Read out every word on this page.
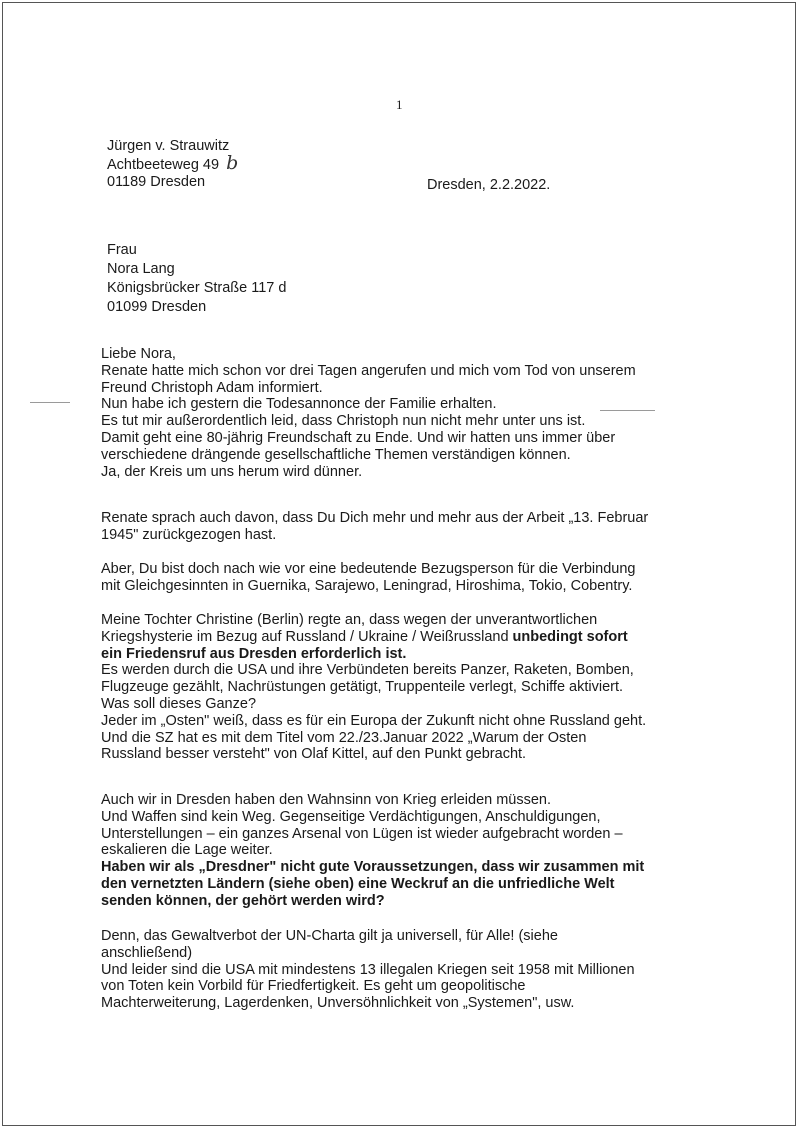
1
Jürgen v. Strauwitz
Achtbeeteweg 49 b
01189 Dresden	Dresden, 2.2.2022.
Frau
Nora Lang
Königsbrücker Straße 117 d
01099 Dresden
Liebe Nora,
Renate hatte mich schon vor drei Tagen angerufen und mich vom Tod von unserem
Freund Christoph Adam informiert.
Nun habe ich gestern die Todesannonce der Familie erhalten.
Es tut mir außerordentlich leid, dass Christoph nun nicht mehr unter uns ist.
Damit geht eine 80-jährig Freundschaft zu Ende. Und wir hatten uns immer über
verschiedene drängende gesellschaftliche Themen verständigen können.
Ja, der Kreis um uns herum wird dünner.
Renate sprach auch davon, dass Du Dich mehr und mehr aus der Arbeit „13. Februar
1945" zurückgezogen hast.
Aber, Du bist doch nach wie vor eine bedeutende Bezugsperson für die Verbindung
mit Gleichgesinnten in Guernika, Sarajewo, Leningrad, Hiroshima, Tokio, Cobentry.
Meine Tochter Christine (Berlin) regte an, dass wegen der unverantwortlichen
Kriegshysterie im Bezug auf Russland / Ukraine / Weißrussland unbedingt sofort
ein Friedensruf aus Dresden erforderlich ist.
Es werden durch die USA und ihre Verbündeten bereits Panzer, Raketen, Bomben,
Flugzeuge gezählt, Nachrüstungen getätigt, Truppenteile verlegt, Schiffe aktiviert.
Was soll dieses Ganze?
Jeder im „Osten" weiß, dass es für ein Europa der Zukunft nicht ohne Russland geht.
Und die SZ hat es mit dem Titel vom 22./23.Januar 2022 „Warum der Osten
Russland besser versteht" von Olaf Kittel, auf den Punkt gebracht.
Auch wir in Dresden haben den Wahnsinn von Krieg erleiden müssen.
Und Waffen sind kein Weg. Gegenseitige Verdächtigungen, Anschuldigungen,
Unterstellungen – ein ganzes Arsenal von Lügen ist wieder aufgebracht worden –
eskalieren die Lage weiter.
Haben wir als „Dresdner" nicht gute Voraussetzungen, dass wir zusammen mit
den vernetzten Ländern (siehe oben) eine Weckruf an die unfriedliche Welt
senden können, der gehört werden wird?
Denn, das Gewaltverbot der UN-Charta gilt ja universell, für Alle! (siehe
anschließend)
Und leider sind die USA mit mindestens 13 illegalen Kriegen seit 1958 mit Millionen
von Toten kein Vorbild für Friedfertigkeit. Es geht um geopolitische
Machterweiterung, Lagerdenken, Unversöhnlichkeit von „Systemen", usw.
